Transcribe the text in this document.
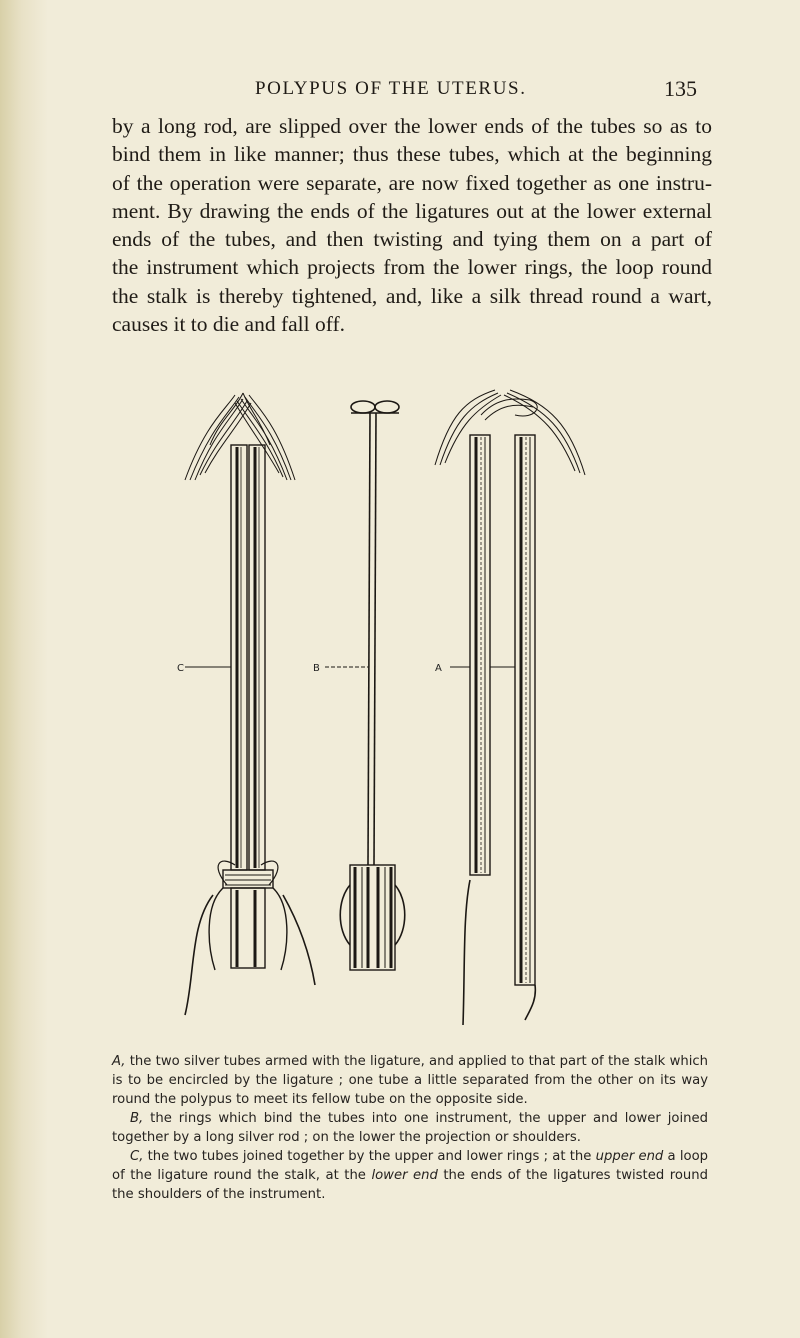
POLYPUS OF THE UTERUS.	135
by a long rod, are slipped over the lower ends of the tubes so as to
bind them in like manner; thus these tubes, which at the beginning
of the operation were separate, are now fixed together as one instru-
ment. By drawing the ends of the ligatures out at the lower external
ends of the tubes, and then twisting and tying them on a part of
the instrument which projects from the lower rings, the loop round
the stalk is thereby tightened, and, like a silk thread round a wart,
causes it to die and fall off.
C	B	A

A, the two silver tubes armed with the ligature, and applied to that part of the stalk which is to be encircled by the ligature ; one tube a little separated from the other on its way round the polypus to meet its fellow tube on the opposite side.

B, the rings which bind the tubes into one instrument, the upper and lower joined together by a long silver rod ; on the lower the projection or shoulders.

C, the two tubes joined together by the upper and lower rings ; at the upper end a loop of the ligature round the stalk, at the lower end the ends of the ligatures twisted round the shoulders of the instrument.
